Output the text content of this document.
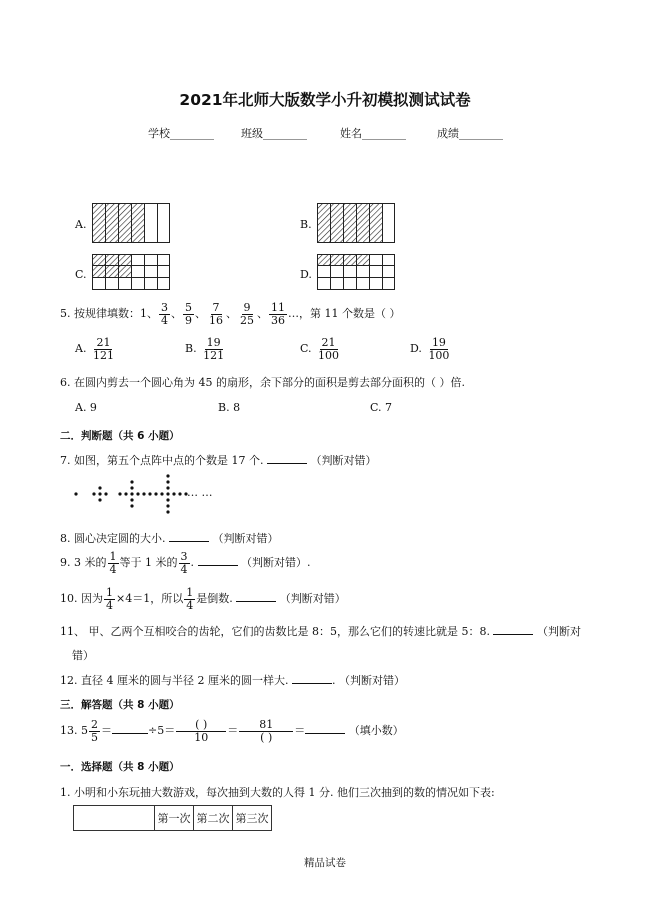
2021年北师大版数学小升初模拟测试试卷
学校________ 班级________	姓名________	成绩________
A.	B.
C.	D.
5. 按规律填数：1、 $\frac{3}{4}$ 、 $\frac{5}{9}$ 、 $\frac{7}{16}$ 、 $\frac{9}{25}$ 、 $\frac{11}{36}$ …，第 11 个数是（ ）
A. $\frac{21}{121}$	B. $\frac{19}{121}$	C. $\frac{21}{100}$	D. $\frac{19}{100}$
6. 在圆内剪去一个圆心角为 45 的扇形，余下部分的面积是剪去部分面积的（ ）倍.
A. 9	B. 8	C. 7
二．判断题（共 6 小题）
7. 如图，第五个点阵中点的个数是 17 个.	（判断对错）
… …
8. 圆心决定圆的大小.	（判断对错）
9. 3 米的 $\frac{1}{4}$ 等于 1 米的 $\frac{3}{4}$ .	（判断对错）.
10. 因为 $\frac{1}{4} \times 4=1$，所以 $\frac{1}{4}$ 是倒数.	（判断对错）
11、 甲、乙两个互相咬合的齿轮，它们的齿数比是 8：5，那么它们的转速比就是 5：8.	（判断对
错）
12. 直径 4 厘米的圆与半径 2 厘米的圆一样大.	. （判断对错）
三．解答题（共 8 小题）
13. $5 \frac{2}{5}$ ＝	$\div 5= \frac{( )}{10} = \frac{81}{( )}$ ＝	（填小数）
一．选择题（共 8 小题）
1. 小明和小东玩抽大数游戏，每次抽到大数的人得 1 分. 他们三次抽到的数的情况如下表:
	第一次	第二次	第三次
精品试卷
